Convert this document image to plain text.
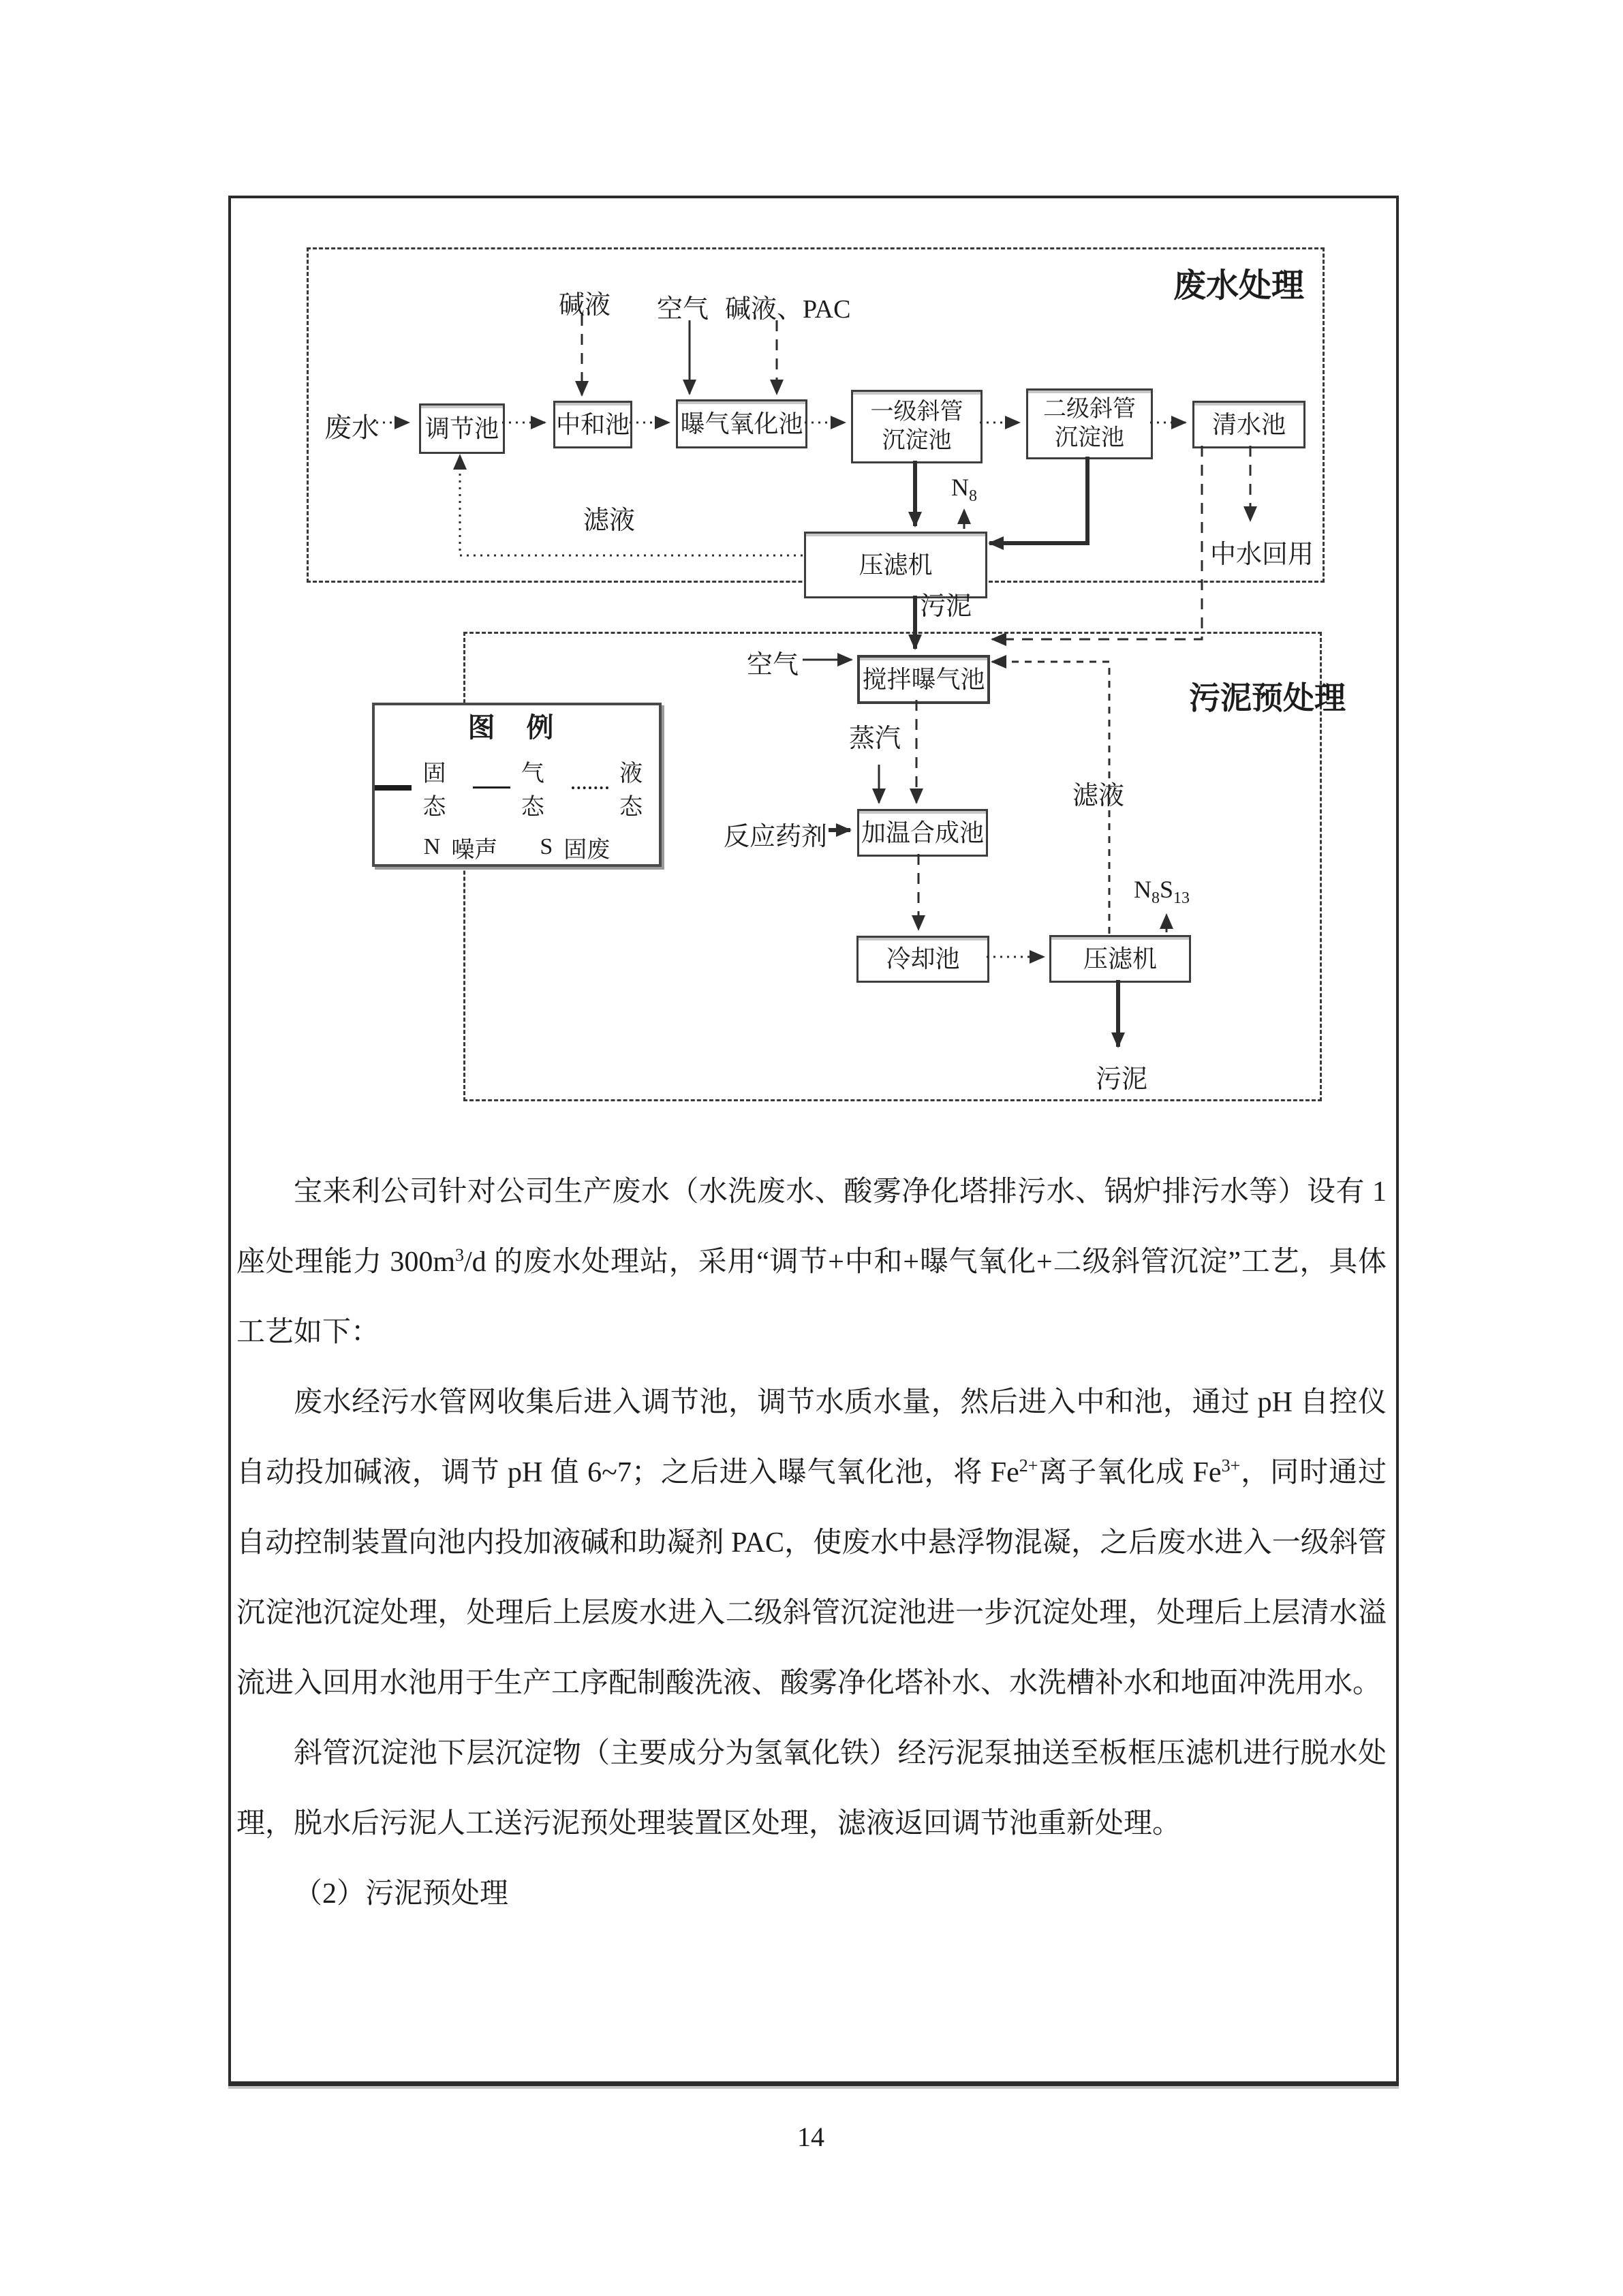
废水处理
污泥预处理
图 例
固态
气态
液态
N 噪声 S 固废
调节池 中和池 曝气氧化池	一级斜管
沉淀池
二级斜管
沉淀池	清水池
压滤机
废水
碱液 空气 碱液、PAC
滤液
$N_8$
中水回用
污泥
搅拌曝气池
加温合成池
冷却池	压滤机
空气
蒸汽
反应药剂
滤液
$N_8S_{13}$
污泥

宝来利公司针对公司生产废水（水洗废水、酸雾净化塔排污水、锅炉排污水等）设有 1 座处理能力 $300m^3/d$ 的废水处理站，采用“调节+中和+曝气氧化+二级斜管沉淀”工艺，具体工艺如下：

废水经污水管网收集后进入调节池，调节水质水量，然后进入中和池，通过 pH 自控仪自动投加碱液，调节 pH 值 6~7；之后进入曝气氧化池，将 $Fe^{2+}$离子氧化成 $Fe^{3+}$，同时通过自动控制装置向池内投加液碱和助凝剂 PAC，使废水中悬浮物混凝，之后废水进入一级斜管沉淀池沉淀处理，处理后上层废水进入二级斜管沉淀池进一步沉淀处理，处理后上层清水溢流进入回用水池用于生产工序配制酸洗液、酸雾净化塔补水、水洗槽补水和地面冲洗用水。

斜管沉淀池下层沉淀物（主要成分为氢氧化铁）经污泥泵抽送至板框压滤机进行脱水处理，脱水后污泥人工送污泥预处理装置区处理，滤液返回调节池重新处理。

（2）污泥预处理

14
